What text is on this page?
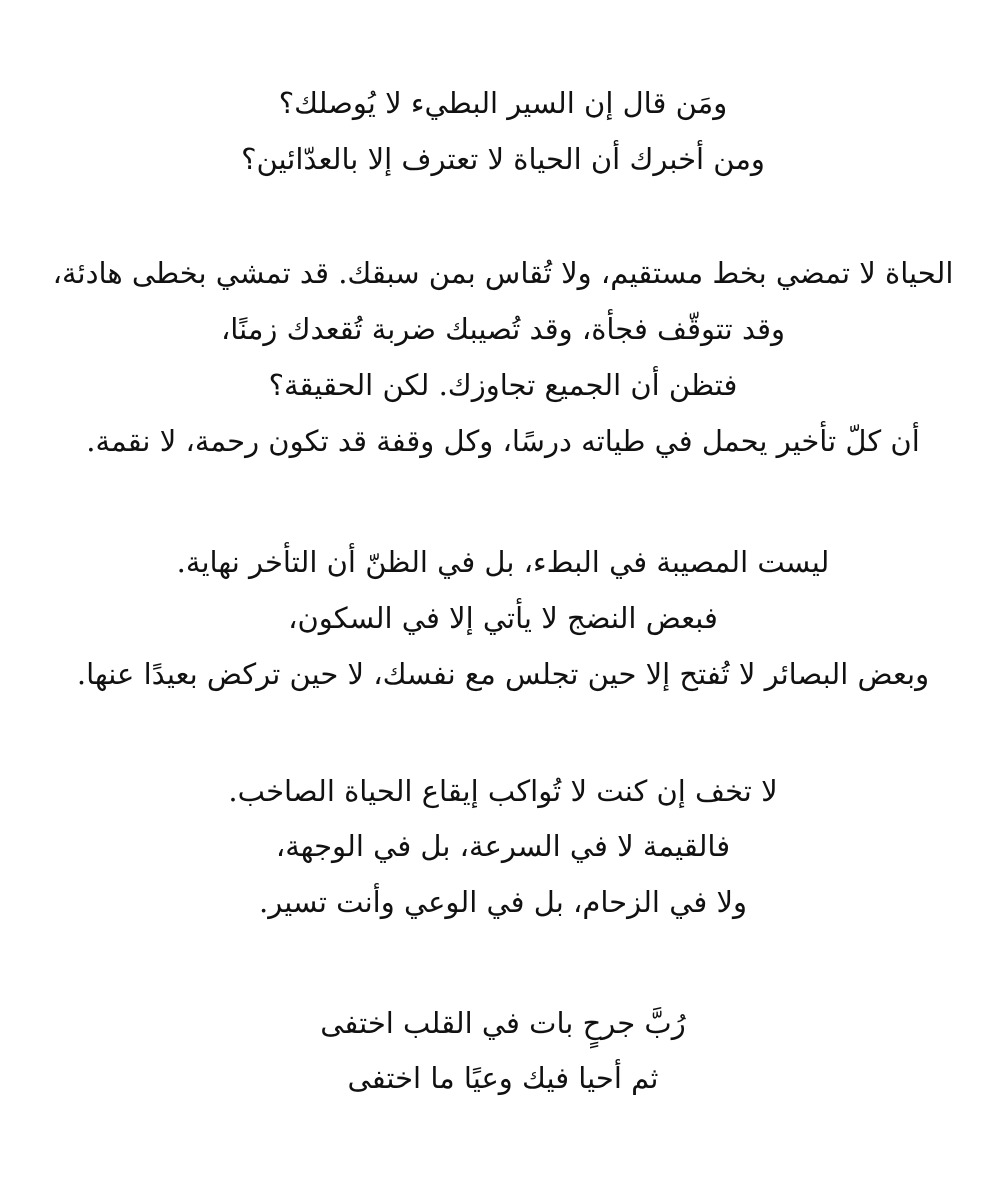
ومَن قال إن السير البطيء لا يُوصلك؟
ومن أخبرك أن الحياة لا تعترف إلا بالعدّائين؟
الحياة لا تمضي بخط مستقيم، ولا تُقاس بمن سبقك. قد تمشي بخطى هادئة،
وقد تتوقّف فجأة، وقد تُصيبك ضربة تُقعدك زمنًا،
فتظن أن الجميع تجاوزك. لكن الحقيقة؟
أن كلّ تأخير يحمل في طياته درسًا، وكل وقفة قد تكون رحمة، لا نقمة.
ليست المصيبة في البطء، بل في الظنّ أن التأخر نهاية.
فبعض النضج لا يأتي إلا في السكون،
وبعض البصائر لا تُفتح إلا حين تجلس مع نفسك، لا حين تركض بعيدًا عنها.
لا تخف إن كنت لا تُواكب إيقاع الحياة الصاخب.
فالقيمة لا في السرعة، بل في الوجهة،
ولا في الزحام، بل في الوعي وأنت تسير.
رُبَّ جرحٍ بات في القلب اختفى
ثم أحيا فيك وعيًا ما اختفى
